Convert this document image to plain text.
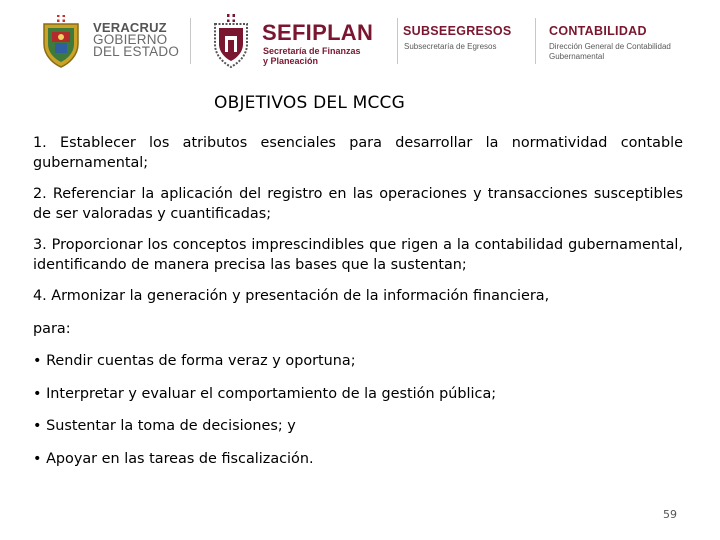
VERACRUZ
GOBIERNO
DEL ESTADO
SEFIPLAN
Secretaría de Finanzas
y Planeación
SUBSEEGRESOS
Subsecretaría de Egresos
CONTABILIDAD
Dirección General de Contabilidad
Gubernamental
OBJETIVOS DEL MCCG

1. Establecer los atributos esenciales para desarrollar la normatividad contable gubernamental;

2. Referenciar la aplicación del registro en las operaciones y transacciones susceptibles de ser valoradas y cuantificadas;

3. Proporcionar los conceptos imprescindibles que rigen a la contabilidad gubernamental, identificando de manera precisa las bases que la sustentan;

4. Armonizar la generación y presentación de la información financiera,

para:

• Rendir cuentas de forma veraz y oportuna;

• Interpretar y evaluar el comportamiento de la gestión pública;

• Sustentar la toma de decisiones; y

• Apoyar en las tareas de fiscalización.

59
